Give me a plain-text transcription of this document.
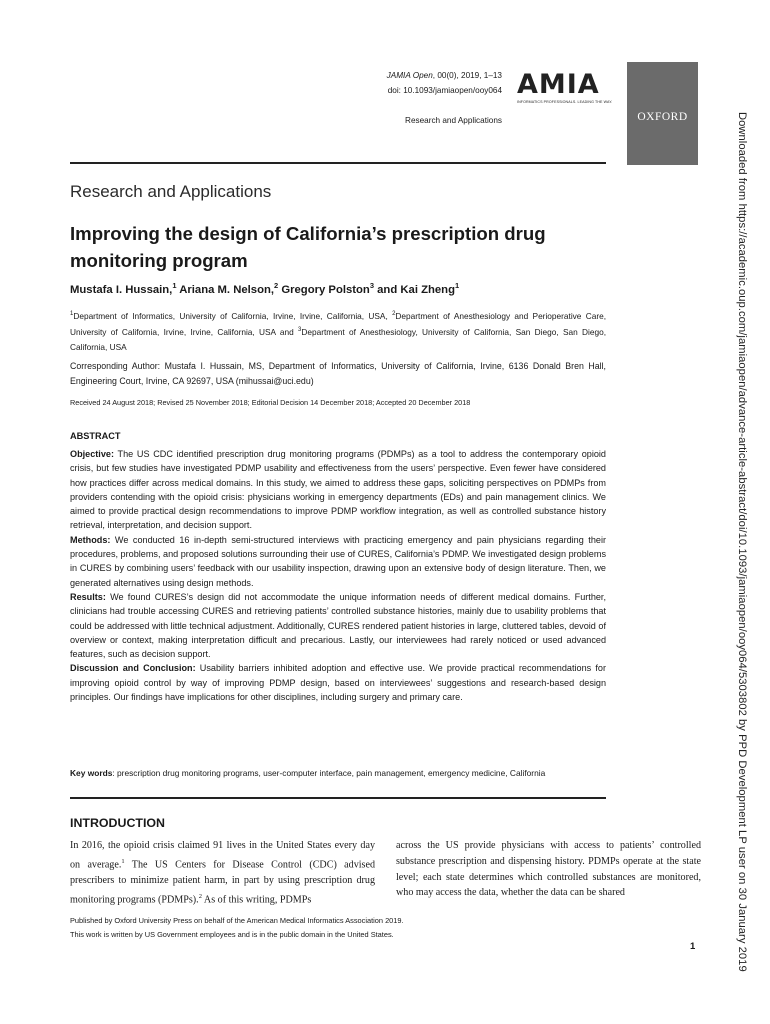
JAMIA Open, 00(0), 2019, 1–13
doi: 10.1093/jamiaopen/ooy064 AMIA
INFORMATICS PROFESSIONALS. LEADING THE WAY.
OXFORD
Research and Applications	Downloaded from https://academic.oup.com/jamiaopen/advance-article-abstract/doi/10.1093/jamiaopen/ooy064/5303802 by PPD Development LP user on 30 January 2019
Research and Applications
Improving the design of California’s prescription drug monitoring program
Mustafa I. Hussain,$^1$ Ariana M. Nelson,$^2$ Gregory Polston$^3$ and Kai Zheng$^1$
$^1$Department of Informatics, University of California, Irvine, Irvine, California, USA, $^2$Department of Anesthesiology and Perioperative Care, University of California, Irvine, Irvine, California, USA and $^3$Department of Anesthesiology, University of California, San Diego, San Diego, California, USA
Corresponding Author: Mustafa I. Hussain, MS, Department of Informatics, University of California, Irvine, 6136 Donald Bren Hall, Engineering Court, Irvine, CA 92697, USA (mihussai@uci.edu)
Received 24 August 2018; Revised 25 November 2018; Editorial Decision 14 December 2018; Accepted 20 December 2018
ABSTRACT

Objective: The US CDC identified prescription drug monitoring programs (PDMPs) as a tool to address the contemporary opioid crisis, but few studies have investigated PDMP usability and effectiveness from the users’ perspective. Even fewer have considered how practices differ across medical domains. In this study, we aimed to address these gaps, soliciting perspectives on PDMPs from providers contending with the opioid crisis: physicians working in emergency departments (EDs) and pain management clinics. We aimed to provide practical design recommendations to improve PDMP workflow integration, as well as controlled substance history retrieval, interpretation, and decision support.

Methods: We conducted 16 in-depth semi-structured interviews with practicing emergency and pain physicians regarding their procedures, problems, and proposed solutions surrounding their use of CURES, California’s PDMP. We investigated design problems in CURES by combining users’ feedback with our usability inspection, drawing upon an extensive body of design literature. Then, we generated alternatives using design methods.

Results: We found CURES’s design did not accommodate the unique information needs of different medical domains. Further, clinicians had trouble accessing CURES and retrieving patients’ controlled substance histories, mainly due to usability problems that could be addressed with little technical adjustment. Additionally, CURES rendered patient histories in large, cluttered tables, devoid of overview or context, making interpretation difficult and precarious. Lastly, our interviewees had rarely noticed or used advanced features, such as decision support.

Discussion and Conclusion: Usability barriers inhibited adoption and effective use. We provide practical recommendations for improving opioid control by way of improving PDMP design, based on interviewees’ suggestions and research-based design principles. Our findings have implications for other disciplines, including surgery and primary care.

Key words: prescription drug monitoring programs, user-computer interface, pain management, emergency medicine, California
INTRODUCTION
In 2016, the opioid crisis claimed 91 lives in the United States every day on average.$^1$ The US Centers for Disease Control (CDC) advised prescribers to minimize patient harm, in part by using prescription drug monitoring programs (PDMPs).$^2$ As of this writing, PDMPs
across the US provide physicians with access to patients’ controlled substance prescription and dispensing history. PDMPs operate at the state level; each state determines which controlled substances are monitored, who may access the data, whether the data can be shared
Published by Oxford University Press on behalf of the American Medical Informatics Association 2019.
This work is written by US Government employees and is in the public domain in the United States.
1
